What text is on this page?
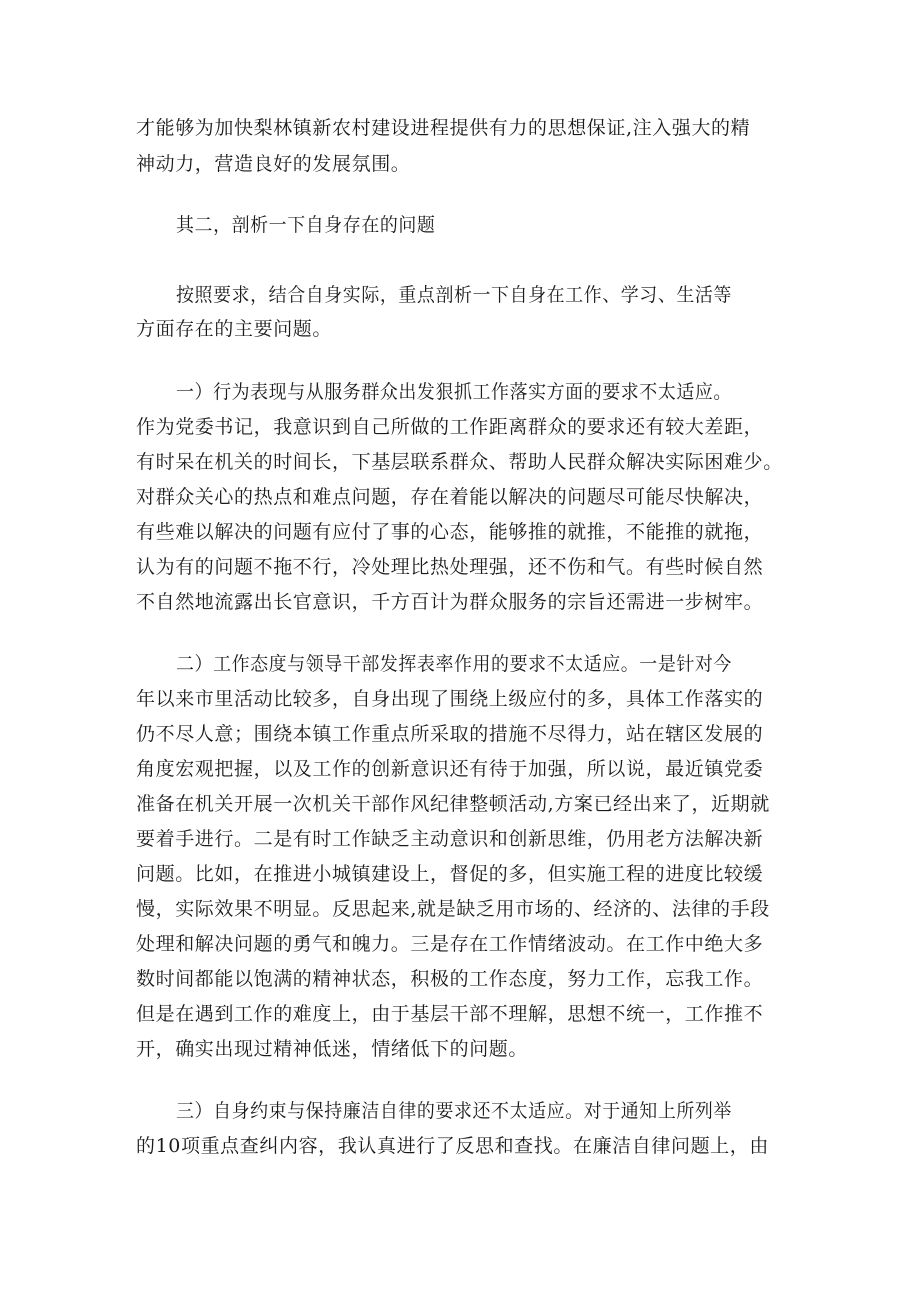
才能够为加快梨林镇新农村建设进程提供有力的思想保证,注入强大的精
神动力，营造良好的发展氛围。
其二，剖析一下自身存在的问题
按照要求，结合自身实际，重点剖析一下自身在工作、学习、生活等
方面存在的主要问题。
一）行为表现与从服务群众出发狠抓工作落实方面的要求不太适应。
作为党委书记，我意识到自己所做的工作距离群众的要求还有较大差距，
有时呆在机关的时间长，下基层联系群众、帮助人民群众解决实际困难少。
对群众关心的热点和难点问题，存在着能以解决的问题尽可能尽快解决，
有些难以解决的问题有应付了事的心态，能够推的就推，不能推的就拖，
认为有的问题不拖不行，冷处理比热处理强，还不伤和气。有些时候自然
不自然地流露出长官意识，千方百计为群众服务的宗旨还需进一步树牢。
二）工作态度与领导干部发挥表率作用的要求不太适应。一是针对今
年以来市里活动比较多，自身出现了围绕上级应付的多，具体工作落实的
仍不尽人意；围绕本镇工作重点所采取的措施不尽得力，站在辖区发展的
角度宏观把握，以及工作的创新意识还有待于加强，所以说，最近镇党委
准备在机关开展一次机关干部作风纪律整顿活动,方案已经出来了，近期就
要着手进行。二是有时工作缺乏主动意识和创新思维，仍用老方法解决新
问题。比如，在推进小城镇建设上，督促的多，但实施工程的进度比较缓
慢，实际效果不明显。反思起来,就是缺乏用市场的、经济的、法律的手段
处理和解决问题的勇气和魄力。三是存在工作情绪波动。在工作中绝大多
数时间都能以饱满的精神状态，积极的工作态度，努力工作，忘我工作。
但是在遇到工作的难度上，由于基层干部不理解，思想不统一，工作推不
开，确实出现过精神低迷，情绪低下的问题。
三）自身约束与保持廉洁自律的要求还不太适应。对于通知上所列举
的10项重点查纠内容，我认真进行了反思和查找。在廉洁自律问题上，由
